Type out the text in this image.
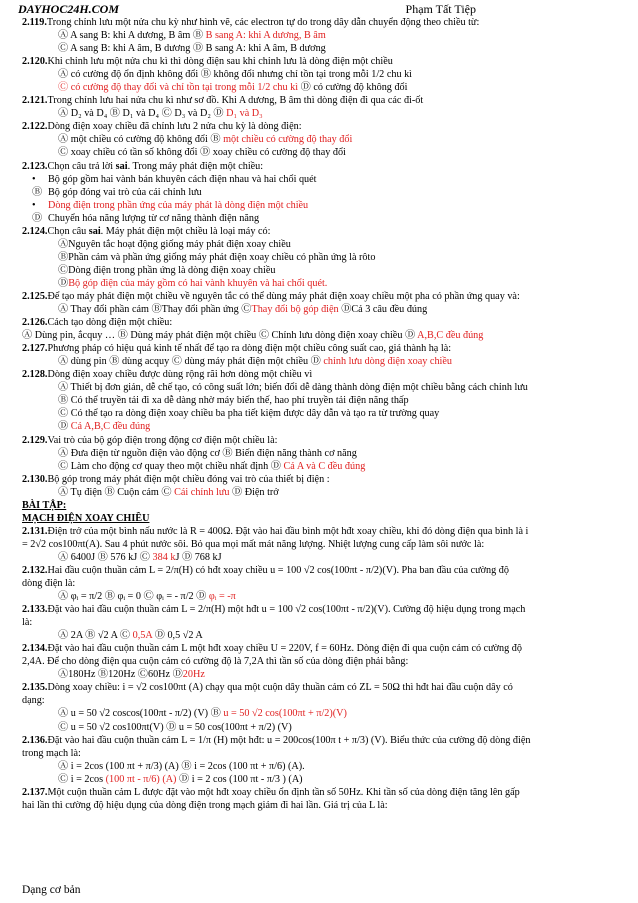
DAYHOC24H.COM	Phạm Tất Tiệp
2.119.Trong chỉnh lưu một nửa chu kỳ như hình vẽ, các electron tự do trong dây dẫn chuyển động theo chiều từ:
Ⓐ A sang B: khi A dương, B âm Ⓑ B sang A: khi A dương, B âm
Ⓒ A sang B: khi A âm, B dương Ⓓ B sang A: khi A âm, B dương
2.120.Khi chỉnh lưu một nửa chu kì thì dòng điện sau khi chỉnh lưu là dòng điện một chiều
Ⓐ có cường độ ổn định không đổi Ⓑ không đổi nhưng chỉ tồn tại trong mỗi 1/2 chu kì
Ⓒ có cường độ thay đổi và chỉ tồn tại trong mỗi 1/2 chu kì Ⓓ có cường độ không đổi
2.121.Trong chỉnh lưu hai nửa chu kì như sơ đồ. Khi A dương, B âm thì dòng điện đi qua các đi-ốt
Ⓐ D₂ và D₄ Ⓑ D₁ và D₄ Ⓒ D₃ và D₂ Ⓓ D₁ và D₃
2.122.Dòng điện xoay chiều đã chỉnh lưu 2 nửa chu kỳ là dòng điện:
Ⓐ một chiều có cường độ không đổi Ⓑ một chiều có cường độ thay đổi
Ⓒ xoay chiều có tần số không đổi Ⓓ xoay chiều có cường độ thay đổi
2.123.Chọn câu trả lời sai. Trong máy phát điện một chiều:
• Bộ góp gồm hai vành bán khuyên cách điện nhau và hai chổi quét
Ⓑ Bộ góp đóng vai trò của cái chỉnh lưu
• Dòng điện trong phần ứng của máy phát là dòng điện một chiều
Ⓓ Chuyển hóa năng lượng từ cơ năng thành điện năng
2.124.Chọn câu sai. Máy phát điện một chiều là loại máy có:
ⒶNguyên tắc hoạt động giống máy phát điện xoay chiều
ⒷPhần cảm và phần ứng giống máy phát điện xoay chiều có phần ứng là rôto
ⒸDòng điện trong phần ứng là dòng điện xoay chiều
ⒹBộ góp điện của máy gồm có hai vành khuyên và hai chổi quét.
2.125.Để tạo máy phát điện một chiều về nguyên tắc có thể dùng máy phát điện xoay chiều một pha có phần ứng quay và:
Ⓐ Thay đổi phần cảm ⒷThay đổi phần ứng ⒸThay đổi bộ góp điện ⒹCả 3 câu đều đúng
2.126.Cách tạo dòng điện một chiều:
Ⓐ Dùng pin, ắcquy … Ⓑ Dùng máy phát điện một chiều Ⓒ Chỉnh lưu dòng điện xoay chiều Ⓓ A,B,C đều đúng
2.127.Phương pháp có hiệu quả kinh tế nhất để tạo ra dòng điện một chiều công suất cao, giá thành hạ là:
Ⓐ dùng pin Ⓑ dùng acquy Ⓒ dùng máy phát điện một chiều Ⓓ chỉnh lưu dòng điện xoay chiều
2.128.Dòng điện xoay chiều được dùng rộng rãi hơn dòng một chiều vì
Ⓐ Thiết bị đơn giản, dễ chế tạo, có công suất lớn; biến đổi dễ dàng thành dòng điện một chiều bằng cách chỉnh lưu
Ⓑ Có thể truyền tải đi xa dễ dàng nhờ máy biến thế, hao phí truyền tải điện năng thấp
Ⓒ Có thể tạo ra dòng điện xoay chiều ba pha tiết kiệm được dây dẫn và tạo ra từ trường quay
Ⓓ Cả A,B,C đều đúng
2.129.Vai trò của bộ góp điện trong động cơ điện một chiều là:
Ⓐ Đưa điện từ nguồn điện vào động cơ Ⓑ Biến điện năng thành cơ năng
Ⓒ Làm cho động cơ quay theo một chiều nhất định Ⓓ Cả A và C đều đúng
2.130.Bộ góp trong máy phát điện một chiều đóng vai trò của thiết bị điện :
Ⓐ Tụ điện Ⓑ Cuộn cảm Ⓒ Cái chỉnh lưu Ⓓ Điện trở
BÀI TẬP:
MẠCH ĐIỆN XOAY CHIỀU
2.131.Điện trở của một bình nấu nước là R = 400Ω. Đặt vào hai đầu bình một hđt xoay chiều, khi đó dòng điện qua bình là i
= 2√2 cos100πt(A). Sau 4 phút nước sôi. Bỏ qua mọi mất mát năng lượng. Nhiệt lượng cung cấp làm sôi nước là:
Ⓐ 6400J Ⓑ 576 kJ Ⓒ 384 kJ Ⓓ 768 kJ
2.132.Hai đầu cuộn thuần cảm L = 2/π(H) có hđt xoay chiều u = 100 √2 cos(100πt - π/2)(V). Pha ban đầu của cường độ
dòng điện là:
Ⓐ φᵢ = π/2 Ⓑ φᵢ = 0 Ⓒ φᵢ = - π/2 Ⓓ φᵢ = -π
2.133.Đặt vào hai đầu cuộn thuần cảm L = 2/π(H) một hđt u = 100 √2 cos(100πt - π/2)(V). Cường độ hiệu dụng trong mạch
là:
Ⓐ 2A Ⓑ √2 A Ⓒ 0,5A Ⓓ 0,5 √2 A
2.134.Đặt vào hai đầu cuộn thuần cảm L một hđt xoay chiều U = 220V, f = 60Hz. Dòng điện đi qua cuộn cảm có cường độ
2,4A. Để cho dòng điện qua cuộn cảm có cường độ là 7,2A thì tần số của dòng điện phải bằng:
Ⓐ180Hz Ⓑ120Hz Ⓒ60Hz Ⓓ20Hz
2.135.Dòng xoay chiều: i = √2 cos100πt (A) chạy qua một cuộn dây thuần cảm có ZL = 50Ω thì hđt hai đầu cuộn dây có
dạng:
Ⓐ u = 50 √2 coscos(100πt - π/2) (V) Ⓑ u = 50 √2 cos(100πt + π/2)(V)
Ⓒ u = 50 √2 cos100πt(V) Ⓓ u = 50 cos(100πt + π/2) (V)
2.136.Đặt vào hai đầu cuộn thuần cảm L = 1/π (H) một hđt: u = 200cos(100π t + π/3) (V). Biểu thức của cường độ dòng điện
trong mạch là:
Ⓐ i = 2cos (100 πt + π/3) (A) Ⓑ i = 2cos (100 πt + π/6) (A).
Ⓒ i = 2cos (100 πt - π/6) (A) Ⓓ i = 2 cos (100 πt - π/3 ) (A)
2.137.Một cuộn thuần cảm L được đặt vào một hđt xoay chiều ổn định tần số 50Hz. Khi tần số của dòng điện tăng lên gấp
hai lần thì cường độ hiệu dụng của dòng điện trong mạch giảm đi hai lần. Giá trị của L là:
Dạng cơ bản
